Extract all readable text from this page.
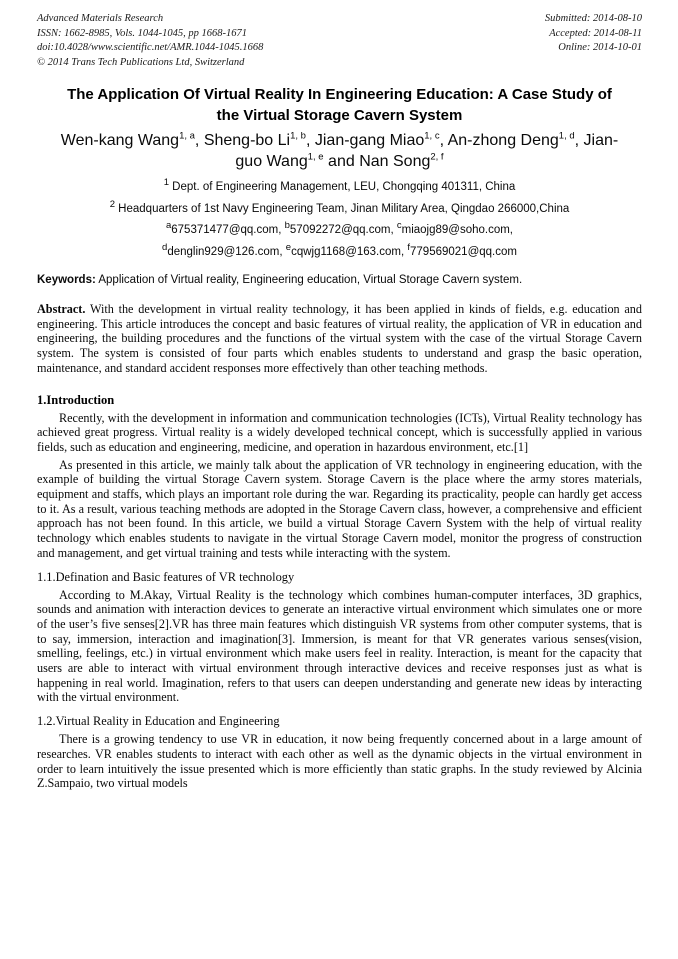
Advanced Materials Research
ISSN: 1662-8985, Vols. 1044-1045, pp 1668-1671
doi:10.4028/www.scientific.net/AMR.1044-1045.1668
© 2014 Trans Tech Publications Ltd, Switzerland
Submitted: 2014-08-10
Accepted: 2014-08-11
Online: 2014-10-01
The Application Of Virtual Reality In Engineering Education: A Case Study of the Virtual Storage Cavern System
Wen-kang Wang$^{1, a}$, Sheng-bo Li$^{1, b}$, Jian-gang Miao$^{1, c}$, An-zhong Deng$^{1, d}$, Jian-guo Wang$^{1, e}$ and Nan Song$^{2, f}$
$^1$ Dept. of Engineering Management, LEU, Chongqing 401311, China
$^2$ Headquarters of 1st Navy Engineering Team, Jinan Military Area, Qingdao 266000,China
$^a$675371477@qq.com, $^b$57092272@qq.com, $^c$miaojg89@soho.com,
$^d$denglin929@126.com, $^e$cqwjg1168@163.com, $^f$779569021@qq.com
Keywords: Application of Virtual reality, Engineering education, Virtual Storage Cavern system.
Abstract. With the development in virtual reality technology, it has been applied in kinds of fields, e.g. education and engineering. This article introduces the concept and basic features of virtual reality, the application of VR in education and engineering, the building procedures and the functions of the virtual system with the case of the virtual Storage Cavern system. The system is consisted of four parts which enables students to understand and grasp the basic operation, maintenance, and standard accident responses more effectively than other teaching methods.
1.Introduction

Recently, with the development in information and communication technologies (ICTs), Virtual Reality technology has achieved great progress. Virtual reality is a widely developed technical concept, which is successfully applied in various fields, such as education and engineering, medicine, and operation in hazardous environment, etc.[1]

As presented in this article, we mainly talk about the application of VR technology in engineering education, with the example of building the virtual Storage Cavern system. Storage Cavern is the place where the army stores materials, equipment and staffs, which plays an important role during the war. Regarding its practicality, people can hardly get access to it. As a result, various teaching methods are adopted in the Storage Cavern class, however, a comprehensive and efficient approach has not been found. In this article, we build a virtual Storage Cavern System with the help of virtual reality technology which enables students to navigate in the virtual Storage Cavern model, monitor the progress of construction and management, and get virtual training and tests while interacting with the system.

1.1.Defination and Basic features of VR technology

According to M.Akay, Virtual Reality is the technology which combines human-computer interfaces, 3D graphics, sounds and animation with interaction devices to generate an interactive virtual environment which simulates one or more of the user’s five senses[2].VR has three main features which distinguish VR systems from other computer systems, that is to say, immersion, interaction and imagination[3]. Immersion, is meant for that VR generates various senses(vision, smelling, feelings, etc.) in virtual environment which make users feel in reality. Interaction, is meant for the capacity that users are able to interact with virtual environment through interactive devices and receive responses just as what is happening in real world. Imagination, refers to that users can deepen understanding and generate new ideas by interacting with the virtual environment.

1.2.Virtual Reality in Education and Engineering

There is a growing tendency to use VR in education, it now being frequently concerned about in a large amount of researches. VR enables students to interact with each other as well as the dynamic objects in the virtual environment in order to learn intuitively the issue presented which is more efficiently than static graphs. In the study reviewed by Alcinia Z.Sampaio, two virtual models
